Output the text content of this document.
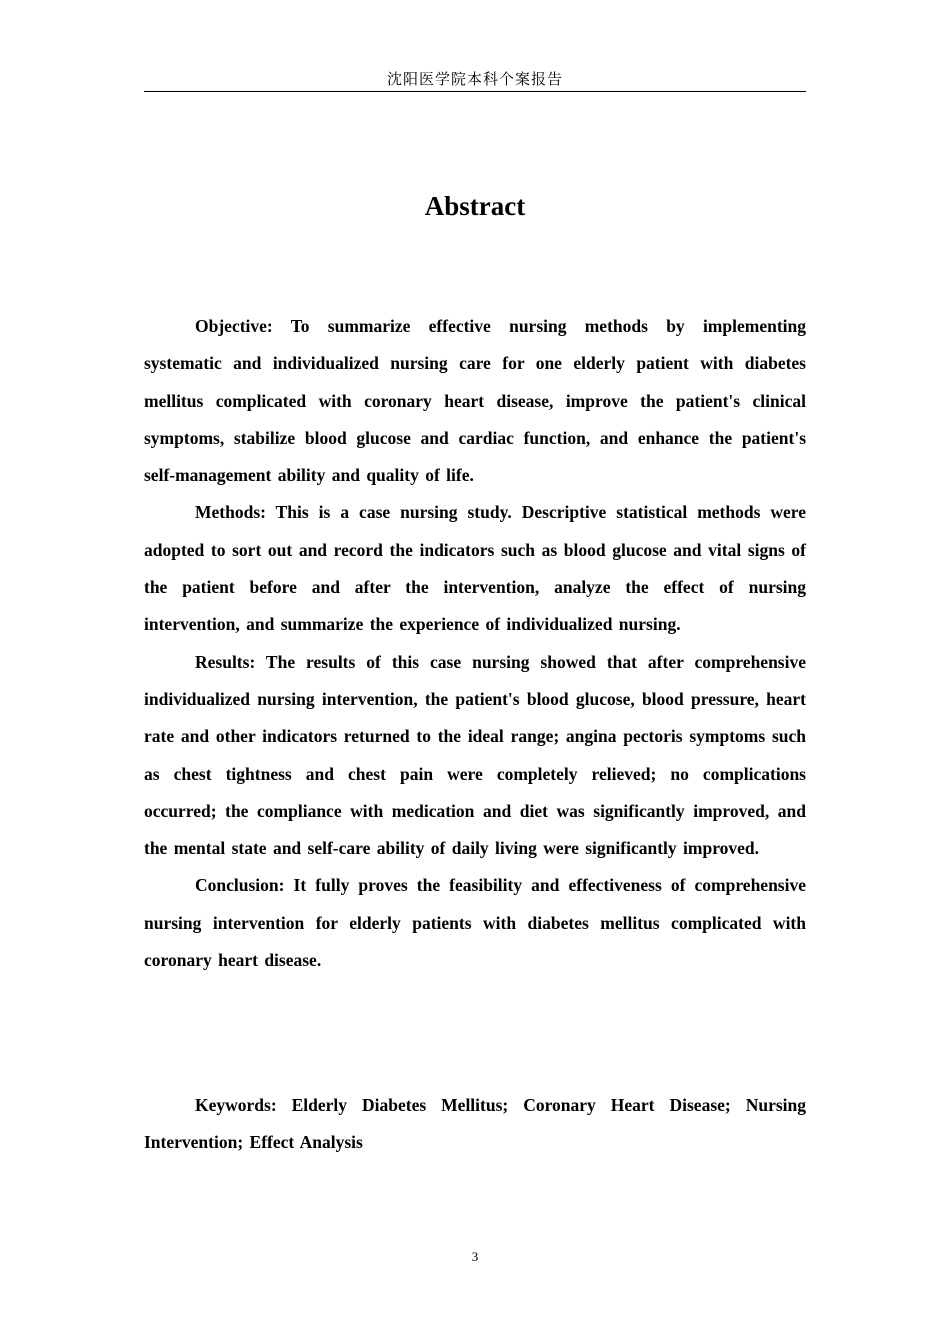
沈阳医学院本科个案报告
Abstract

Objective: To summarize effective nursing methods by implementing systematic and individualized nursing care for one elderly patient with diabetes mellitus complicated with coronary heart disease, improve the patient's clinical symptoms, stabilize blood glucose and cardiac function, and enhance the patient's self-management ability and quality of life.

Methods: This is a case nursing study. Descriptive statistical methods were adopted to sort out and record the indicators such as blood glucose and vital signs of the patient before and after the intervention, analyze the effect of nursing intervention, and summarize the experience of individualized nursing.

Results: The results of this case nursing showed that after comprehensive individualized nursing intervention, the patient's blood glucose, blood pressure, heart rate and other indicators returned to the ideal range; angina pectoris symptoms such as chest tightness and chest pain were completely relieved; no complications occurred; the compliance with medication and diet was significantly improved, and the mental state and self-care ability of daily living were significantly improved.

Conclusion: It fully proves the feasibility and effectiveness of comprehensive nursing intervention for elderly patients with diabetes mellitus complicated with coronary heart disease.

Keywords: Elderly Diabetes Mellitus; Coronary Heart Disease; Nursing Intervention; Effect Analysis

3
